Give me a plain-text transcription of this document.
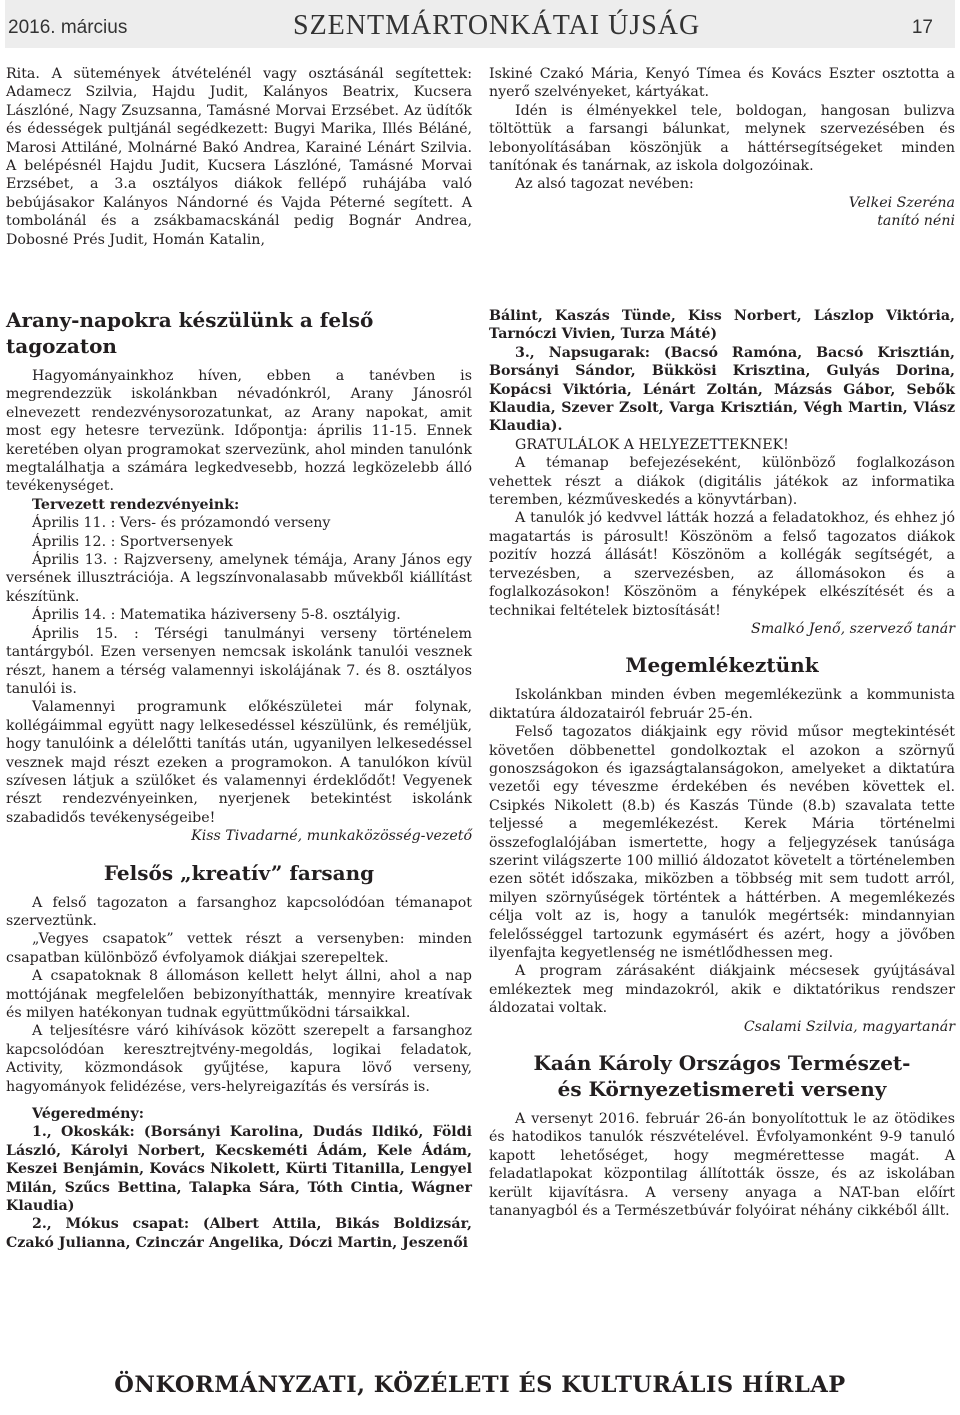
2016. március	SZENTMÁRTONKÁTAI ÚJSÁG	17

Rita. A sütemények átvételénél vagy osztásánál segítettek: Adamecz Szilvia, Hajdu Judit, Kalányos Beatrix, Kucsera Lászlóné, Nagy Zsuzsanna, Tamásné Morvai Erzsébet. Az üdítők és édességek pultjánál segédkezett: Bugyi Marika, Illés Béláné, Marosi Attiláné, Molnárné Bakó Andrea, Karainé Lénárt Szilvia. A belépésnél Hajdu Judit, Kucsera Lászlóné, Tamásné Morvai Erzsébet, a 3.a osztályos diákok fellépő ruhájába való bebújásakor Kalányos Nándorné és Vajda Péterné segített. A tombolánál és a zsákbamacskánál pedig Bognár Andrea, Dobosné Prés Judit, Homán Katalin,

Iskiné Czakó Mária, Kenyó Tímea és Kovács Eszter osztotta a nyerő szelvényeket, kártyákat.

Idén is élményekkel tele, boldogan, hangosan bulizva töltöttük a farsangi bálunkat, melynek szervezésében és lebonyolításában köszönjük a háttérsegítségeket minden tanítónak és tanárnak, az iskola dolgozóinak.

Az alsó tagozat nevében:

Velkei Szeréna

tanító néni

Arany-napokra készülünk a felső tagozaton

Hagyományainkhoz híven, ebben a tanévben is megrendezzük iskolánkban névadónkról, Arany Jánosról elnevezett rendezvénysorozatunkat, az Arany napokat, amit most egy hetesre tervezünk. Időpontja: április 11-15. Ennek keretében olyan programokat szervezünk, ahol minden tanulónk megtalálhatja a számára legkedvesebb, hozzá legközelebb álló tevékenységet.

Tervezett rendezvényeink:

Április 11. : Vers- és prózamondó verseny

Április 12. : Sportversenyek

Április 13. : Rajzverseny, amelynek témája, Arany János egy versének illusztrációja. A legszínvonalasabb művekből kiállítást készítünk.

Április 14. : Matematika háziverseny 5-8. osztályig.

Április 15. : Térségi tanulmányi verseny történelem tantárgyból. Ezen versenyen nemcsak iskolánk tanulói vesznek részt, hanem a térség valamennyi iskolájának 7. és 8. osztályos tanulói is.

Valamennyi programunk előkészületei már folynak, kollégáimmal együtt nagy lelkesedéssel készülünk, és reméljük, hogy tanulóink a délelőtti tanítás után, ugyanilyen lelkesedéssel vesznek majd részt ezeken a programokon. A tanulókon kívül szívesen látjuk a szülőket és valamennyi érdeklődőt! Vegyenek részt rendezvényeinken, nyerjenek betekintést iskolánk szabadidős tevékenységeibe!

Kiss Tivadarné, munkaközösség-vezető

Felsős „kreatív” farsang

A felső tagozaton a farsanghoz kapcsolódóan témanapot szerveztünk.

„Vegyes csapatok” vettek részt a versenyben: minden csapatban különböző évfolyamok diákjai szerepeltek.

A csapatoknak 8 állomáson kellett helyt állni, ahol a nap mottójának megfelelően bebizonyíthatták, mennyire kreatívak és milyen hatékonyan tudnak együttműködni társaikkal.

A teljesítésre váró kihívások között szerepelt a farsanghoz kapcsolódóan keresztrejtvény-megoldás, logikai feladatok, Activity, közmondások gyűjtése, kapura lövő verseny, hagyományok felidézése, vers-helyreigazítás és versírás is.

Végeredmény:

1., Okoskák: (Borsányi Karolina, Dudás Ildikó, Földi László, Károlyi Norbert, Kecskeméti Ádám, Kele Ádám, Keszei Benjámin, Kovács Nikolett, Kürti Titanilla, Lengyel Milán, Szűcs Bettina, Talapka Sára, Tóth Cintia, Wágner Klaudia)

2., Mókus csapat: (Albert Attila, Bikás Boldizsár, Czakó Julianna, Czinczár Angelika, Dóczi Martin, Jeszenői

Bálint, Kaszás Tünde, Kiss Norbert, Lászlop Viktória, Tarnóczi Vivien, Turza Máté)

3., Napsugarak: (Bacsó Ramóna, Bacsó Krisztián, Borsányi Sándor, Bükkösi Krisztina, Gulyás Dorina, Kopácsi Viktória, Lénárt Zoltán, Mázsás Gábor, Sebők Klaudia, Szever Zsolt, Varga Krisztián, Végh Martin, Vlász Klaudia).

GRATULÁLOK A HELYEZETTEKNEK!

A témanap befejezéseként, különböző foglalkozáson vehettek részt a diákok (digitális játékok az informatika teremben, kézműveskedés a könyvtárban).

A tanulók jó kedvvel látták hozzá a feladatokhoz, és ehhez jó magatartás is párosult! Köszönöm a felső tagozatos diákok pozitív hozzá állását! Köszönöm a kollégák segítségét, a tervezésben, a szervezésben, az állomásokon és a foglalkozásokon! Köszönöm a fényképek elkészítését és a technikai feltételek biztosítását!

Smalkó Jenő, szervező tanár

Megemlékeztünk

Iskolánkban minden évben megemlékezünk a kommunista diktatúra áldozatairól február 25-én.

Felső tagozatos diákjaink egy rövid műsor megtekintését követően döbbenettel gondolkoztak el azokon a szörnyű gonoszságokon és igazságtalanságokon, amelyeket a diktatúra vezetői egy téveszme érdekében és nevében követtek el. Csipkés Nikolett (8.b) és Kaszás Tünde (8.b) szavalata tette teljessé a megemlékezést. Kerek Mária történelmi összefoglalójában ismertette, hogy a feljegyzések tanúsága szerint világszerte 100 millió áldozatot követelt a történelemben ezen sötét időszaka, miközben a többség mit sem tudott arról, milyen szörnyűségek történtek a háttérben. A megemlékezés célja volt az is, hogy a tanulók megértsék: mindannyian felelősséggel tartozunk egymásért és azért, hogy a jövőben ilyenfajta kegyetlenség ne ismétlődhessen meg.

A program zárásaként diákjaink mécsesek gyújtásával emlékeztek meg mindazokról, akik e diktatórikus rendszer áldozatai voltak.

Csalami Szilvia, magyartanár

Kaán Károly Országos Természet-
és Környezetismereti verseny

A versenyt 2016. február 26-án bonyolítottuk le az ötödikes és hatodikos tanulók részvételével. Évfolyamonként 9-9 tanuló kapott lehetőséget, hogy megmérettesse magát. A feladatlapokat központilag állították össze, és az iskolában került kijavításra. A verseny anyaga a NAT-ban előírt tananyagból és a Természetbúvár folyóirat néhány cikkéből állt.

ÖNKORMÁNYZATI, KÖZÉLETI ÉS KULTURÁLIS HÍRLAP
